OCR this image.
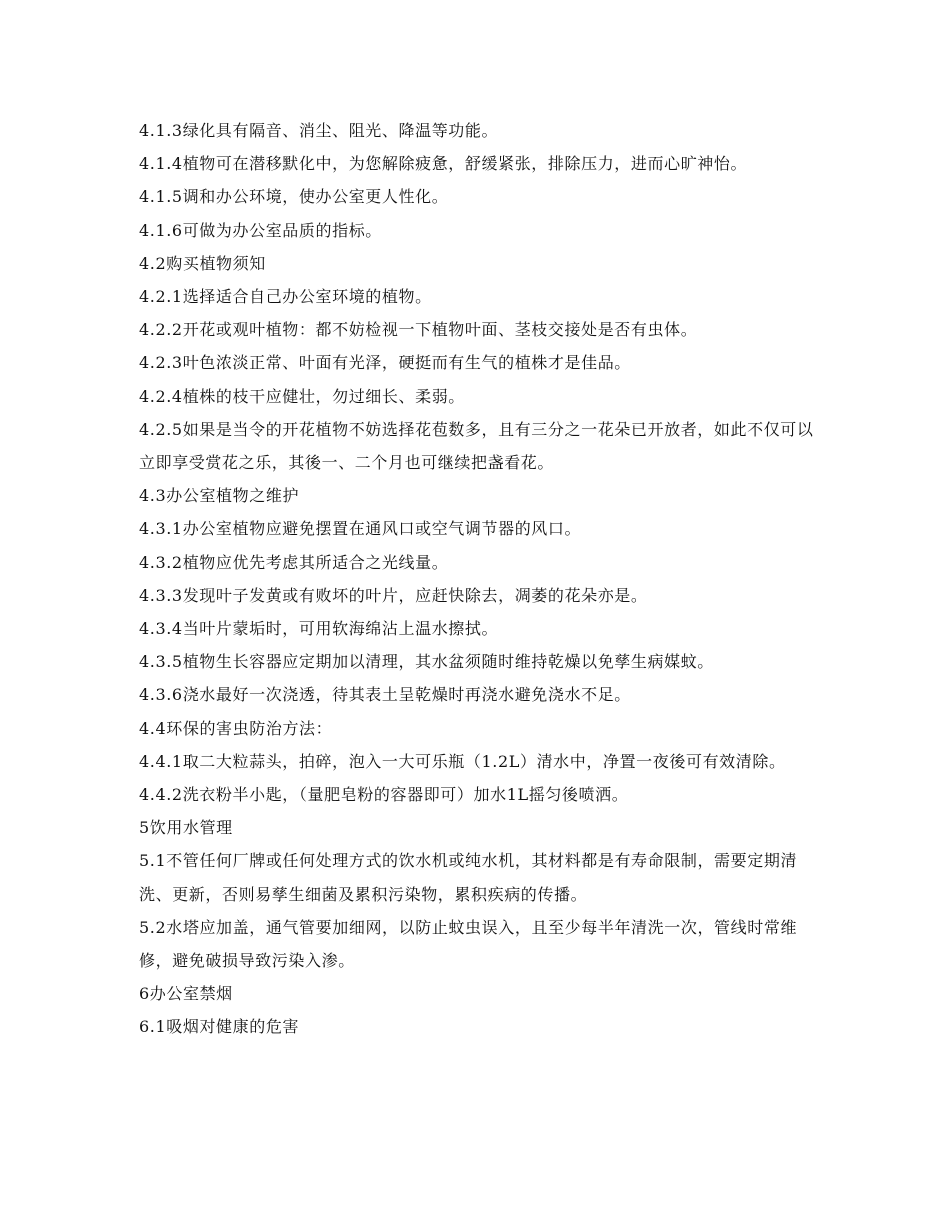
4.1.3绿化具有隔音、消尘、阻光、降温等功能。

4.1.4植物可在潜移默化中，为您解除疲惫，舒缓紧张，排除压力，进而心旷神怡。

4.1.5调和办公环境，使办公室更人性化。

4.1.6可做为办公室品质的指标。

4.2购买植物须知

4.2.1选择适合自己办公室环境的植物。

4.2.2开花或观叶植物：都不妨检视一下植物叶面、茎枝交接处是否有虫体。

4.2.3叶色浓淡正常、叶面有光泽，硬挺而有生气的植株才是佳品。

4.2.4植株的枝干应健壮，勿过细长、柔弱。

4.2.5如果是当令的开花植物不妨选择花苞数多，且有三分之一花朵已开放者，如此不仅可以立即享受赏花之乐，其後一、二个月也可继续把盏看花。

4.3办公室植物之维护

4.3.1办公室植物应避免摆置在通风口或空气调节器的风口。

4.3.2植物应优先考虑其所适合之光线量。

4.3.3发现叶子发黄或有败坏的叶片，应赶快除去，凋萎的花朵亦是。

4.3.4当叶片蒙垢时，可用软海绵沾上温水擦拭。

4.3.5植物生长容器应定期加以清理，其水盆须随时维持乾燥以免孳生病媒蚊。

4.3.6浇水最好一次浇透，待其表土呈乾燥时再浇水避免浇水不足。

4.4环保的害虫防治方法：

4.4.1取二大粒蒜头，拍碎，泡入一大可乐瓶（1.2L）清水中，净置一夜後可有效清除。

4.4.2洗衣粉半小匙，（量肥皂粉的容器即可）加水1L摇匀後喷洒。

5饮用水管理

5.1不管任何厂牌或任何处理方式的饮水机或纯水机，其材料都是有寿命限制，需要定期清洗、更新，否则易孳生细菌及累积污染物，累积疾病的传播。

5.2水塔应加盖，通气管要加细网，以防止蚊虫误入，且至少每半年清洗一次，管线时常维修，避免破损导致污染入渗。

6办公室禁烟

6.1吸烟对健康的危害
